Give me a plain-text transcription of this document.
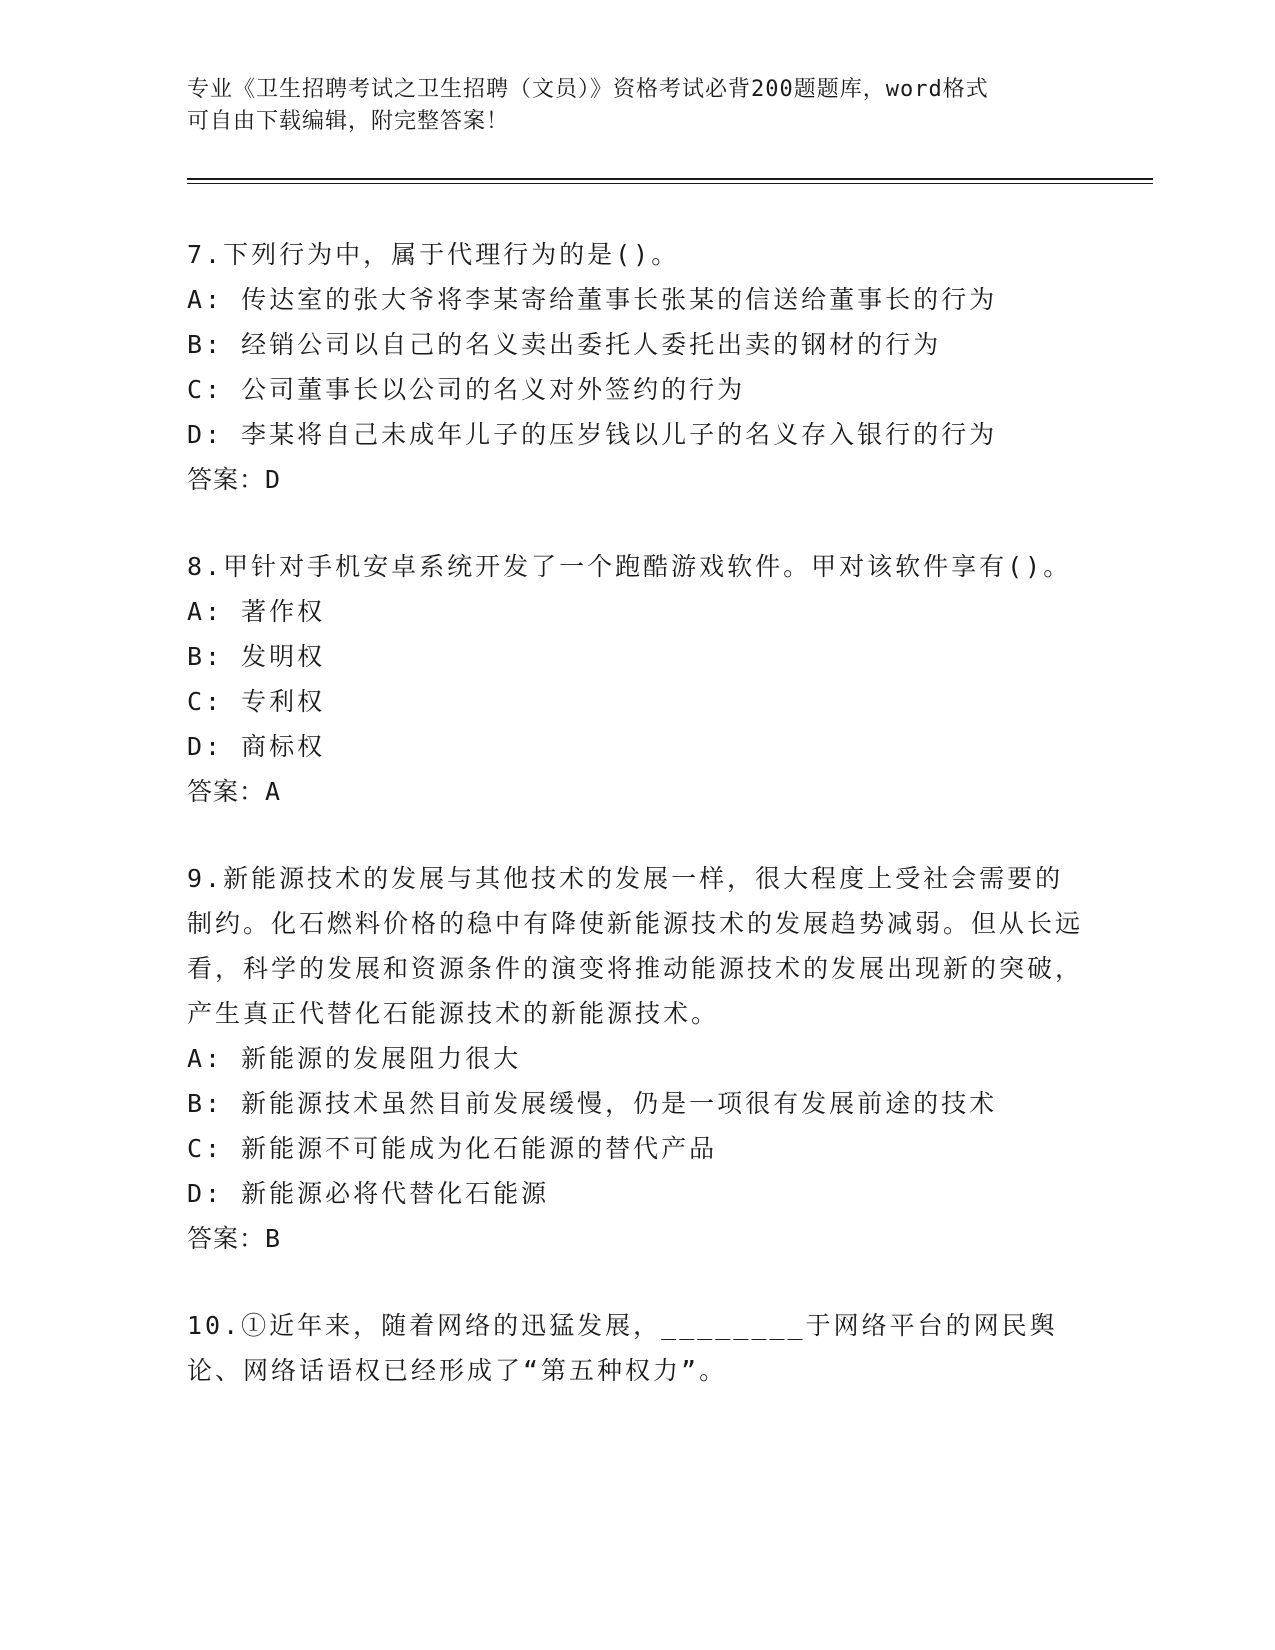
专业《卫生招聘考试之卫生招聘（文员）》资格考试必背200题题库，word格式
可自由下载编辑，附完整答案！
7.下列行为中，属于代理行为的是()。
A: 传达室的张大爷将李某寄给董事长张某的信送给董事长的行为
B: 经销公司以自己的名义卖出委托人委托出卖的钢材的行为
C: 公司董事长以公司的名义对外签约的行为
D: 李某将自己未成年儿子的压岁钱以儿子的名义存入银行的行为
答案：D
8.甲针对手机安卓系统开发了一个跑酷游戏软件。甲对该软件享有()。
A: 著作权
B: 发明权
C: 专利权
D: 商标权
答案：A
9.新能源技术的发展与其他技术的发展一样，很大程度上受社会需要的制约。化石燃料价格的稳中有降使新能源技术的发展趋势减弱。但从长远看，科学的发展和资源条件的演变将推动能源技术的发展出现新的突破，产生真正代替化石能源技术的新能源技术。
A: 新能源的发展阻力很大
B: 新能源技术虽然目前发展缓慢，仍是一项很有发展前途的技术
C: 新能源不可能成为化石能源的替代产品
D: 新能源必将代替化石能源
答案：B
10.①近年来，随着网络的迅猛发展，________于网络平台的网民舆论、网络话语权已经形成了“第五种权力”。
